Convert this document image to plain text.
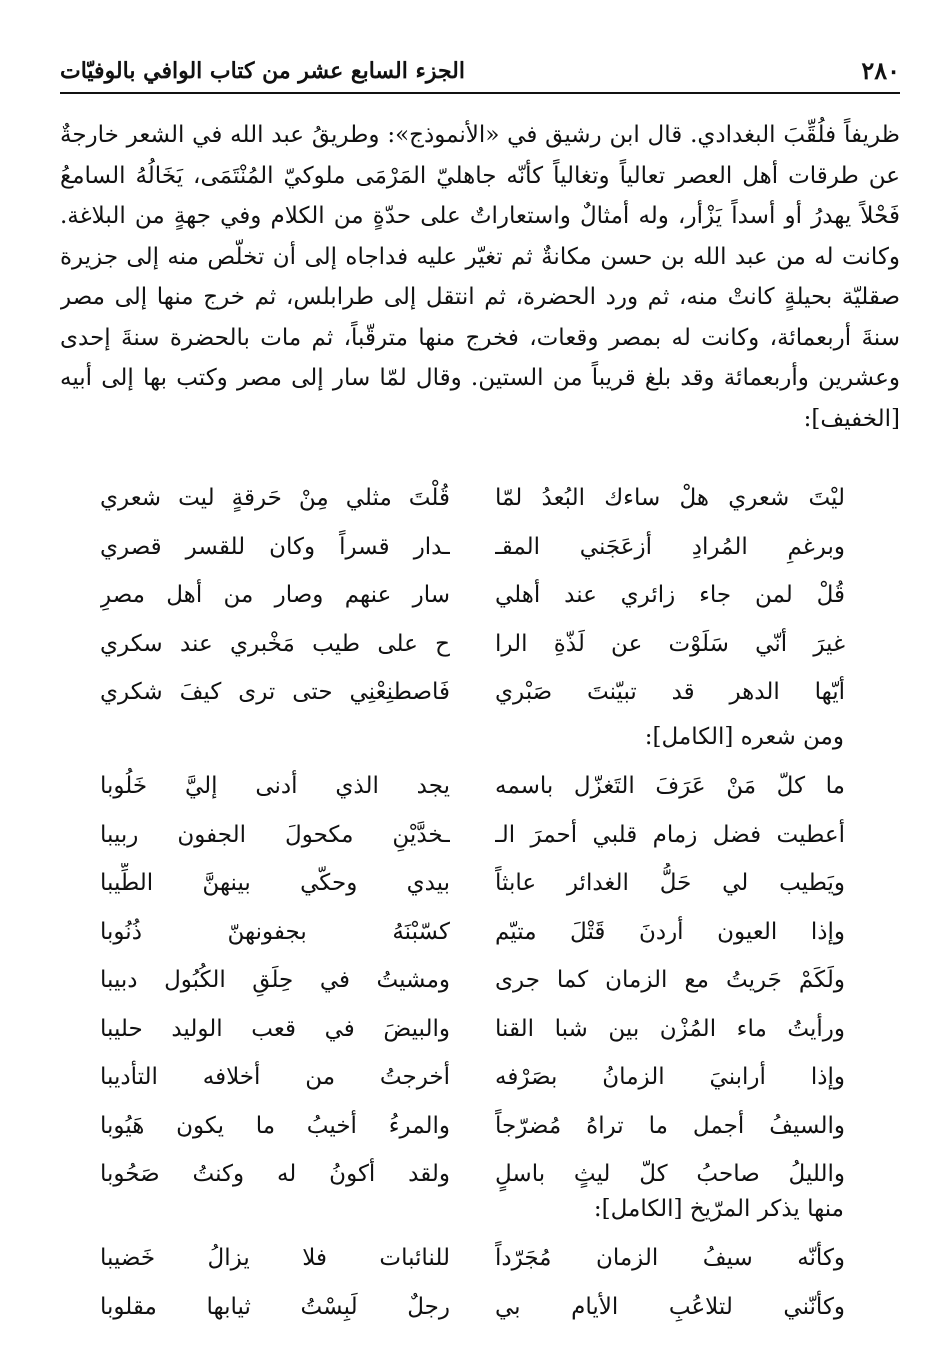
٢٨٠
الجزء السابع عشر من كتاب الوافي بالوفيّات
ظريفاً فلُقِّبَ البغدادي. قال ابن رشيق في «الأنموذج»: وطريقُ عبد الله في الشعر خارجةٌ
عن طرقات أهل العصر تعالياً وتغالياً كأنّه جاهليّ المَرْمَى ملوكيّ المُنْتَمَى، يَخَالُهُ السامعُ
فَحْلاً يهدرُ أو أسداً يَزْأر، وله أمثالٌ واستعاراتٌ على حدّةٍ من الكلام وفي جهةٍ من البلاغة.
وكانت له من عبد الله بن حسن مكانةٌ ثم تغيّر عليه فداجاه إلى أن تخلّص منه إلى جزيرة
صقليّة بحيلةٍ كانتْ منه، ثم ورد الحضرة، ثم انتقل إلى طرابلس، ثم خرج منها إلى مصر
سنةَ أربعمائة، وكانت له بمصر وقعات، فخرج منها مترقّباً، ثم مات بالحضرة سنةَ إحدى
وعشرين وأربعمائة وقد بلغ قريباً من الستين. وقال لمّا سار إلى مصر وكتب بها إلى أبيه
[الخفيف]:
ليْتَ شعري هلْ ساءك البُعدُ لمّا
قُلْتَ مثلي مِنْ حَرقةٍ ليت شعري
وبرغمِ المُرادِ أزعَجَني المقـ
ـدار قسراً وكان للقسر قصري
قُلْ لمن جاء زائري عند أهلي
سار عنهم وصار من أهل مصرِ
غيرَ أنّي سَلَوْت عن لَذّةِ الرا
ح على طيب مَخْبري عند سكري
أيّها الدهر قد تبيّنتَ صَبْري
فَاصطنِعْنِي حتى ترى كيفَ شكري
ومن شعره [الكامل]:
ما كلّ مَنْ عَرَفَ التَغزّل باسمه
يجد الذي أدنى إليَّ خَلُوبا
أعطيت فضل زمام قلبي أحمرَ الـ
ـخدَّيْنِ مكحولَ الجفون ربيبا
ويَطيب لي حَلُّ الغدائر عابثاً
بيدي وحكّي بينهنَّ الطِّيبا
وإذا العيون أردنَ قَتْلَ متيّم
كسّبْنَهُ بجفونهنّ ذُنُوبا
ولَكَمْ جَريتُ مع الزمان كما جرى
ومشيتُ في حِلَقِ الكُبُول دبيبا
ورأيتُ ماء المُزْن بين شبا القنا
والبيضَ في قعب الوليد حليبا
وإذا أرابنيَ الزمانُ بصَرْفه
أخرجتُ من أخلافه التأديبا
والسيفُ أجمل ما تراهُ مُضرّجاً
والمرءُ أخيبُ ما يكون هَيُوبا
والليلُ صاحبُ كلّ ليثٍ باسلٍ
ولقد أكونُ له وكنتُ صَحُوبا
منها يذكر المرّيخ [الكامل]:
وكأنّه سيفُ الزمان مُجَرّداً
للنائبات فلا يزالُ خَضيبا
وكأنّني لتلاعُبِ الأيام بي
رجلٌ لَبِسْتُ ثيابها مقلوبا
